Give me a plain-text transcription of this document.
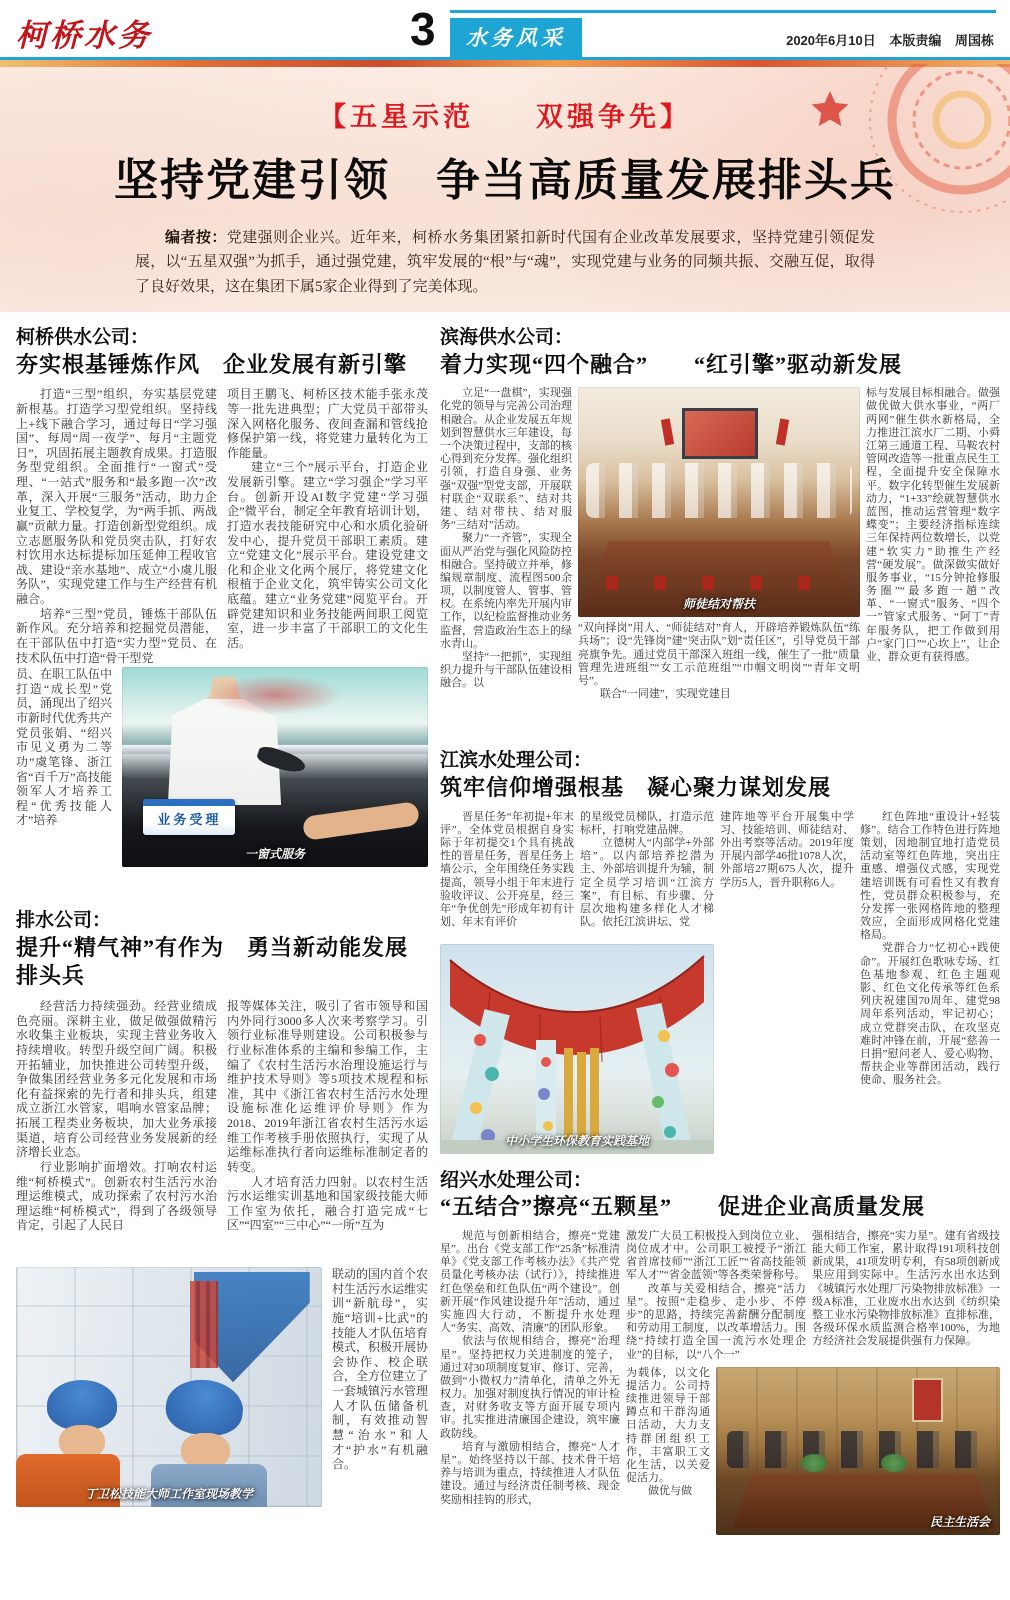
柯桥水务	3	水务风采	2020年6月10日 本版责编 周国栋
【五星示范　　双强争先】
坚持党建引领　争当高质量发展排头兵

编者按：党建强则企业兴。近年来，柯桥水务集团紧扣新时代国有企业改革发展要求，坚持党建引领促发展，以“五星双强”为抓手，通过强党建，筑牢发展的“根”与“魂”，实现党建与业务的同频共振、交融互促，取得了良好效果，这在集团下属5家企业得到了完美体现。

柯桥供水公司：
夯实根基锤炼作风　企业发展有新引擎

打造“三型”组织，夯实基层党建新根基。打造学习型党组织。坚持线上+线下融合学习，通过每日“学习强国”、每周“周一夜学”、每月“主题党日”，巩固拓展主题教育成果。打造服务型党组织。全面推行“一窗式”受理、“一站式”服务和“最多跑一次”改革，深入开展“三服务”活动，助力企业复工、学校复学，为“两手抓、两战赢”贡献力量。打造创新型党组织。成立志愿服务队和党员突击队，打好农村饮用水达标提标加压延伸工程收官战、建设“亲水基地”、成立“小虞儿服务队”，实现党建工作与生产经营有机融合。

培养“三型”党员，锤炼干部队伍新作风。充分培养和挖掘党员潜能，在干部队伍中打造“实力型”党员、在技术队伍中打造“骨干型党

项目王鹏飞、柯桥区技术能手张永茂等一批先进典型；广大党员干部带头深入网格化服务、夜间查漏和管线抢修保护第一线，将党建力量转化为工作能量。

建立“三个”展示平台，打造企业发展新引擎。建立“学习强企”学习平台。创新开设AI数字党建“学习强企”微平台，制定全年教育培训计划，打造水表技能研究中心和水质化验研发中心，提升党员干部职工素质。建立“党建文化”展示平台。建设党建文化和企业文化两个展厅，将党建文化根植于企业文化，筑牢铸实公司文化底蕴。建立“业务党建”阅览平台。开辟党建知识和业务技能两间职工阅览室，进一步丰富了干部职工的文化生活。

员、在职工队伍中打造“成长型”党员，涌现出了绍兴市新时代优秀共产党员张娟、“绍兴市见义勇为二等功”虞笔锋、浙江省“百千万”高技能领军人才培养工程“优秀技能人才”培养	业务受理
一窗式服务
排水公司：
提升“精气神”有作为　勇当新动能发展排头兵

经营活力持续强劲。经营业绩成色亮丽。深耕主业，做足做强做精污水收集主业板块，实现主营业务收入持续增收。转型升级空间广阔。积极开拓辅业，加快推进公司转型升级，争做集团经营业务多元化发展和市场化有益探索的先行者和排头兵，组建成立浙江水管家，唱响水管家品牌；拓展工程类业务板块，加大业务承接渠道，培育公司经营业务发展新的经济增长业态。

行业影响扩面增效。打响农村运维“柯桥模式”。创新农村生活污水治理运维模式，成功探索了农村污水治理运维“柯桥模式”，得到了各级领导肯定，引起了人民日

报等媒体关注，吸引了省市领导和国内外同行3000多人次来考察学习。引领行业标准导则建设。公司积极参与行业标准体系的主编和参编工作，主编了《农村生活污水治理设施运行与维护技术导则》等5项技术规程和标准，其中《浙江省农村生活污水处理设施标准化运维评价导则》作为2018、2019年浙江省农村生活污水运维工作考核手册依照执行，实现了从运维标准执行者向运维标准制定者的转变。

人才培育活力四射。以农村生活污水运维实训基地和国家级技能大师工作室为依托，融合打造完成“七区”“四室”“三中心”“一所”互为

丁卫松技能大师工作室现场教学

联动的国内首个农村生活污水运维实训“新航母”，实施“培训+比武”的技能人才队伍培育模式，积极开展协会协作、校企联合，全方位建立了一套城镇污水管理人才队伍储备机制，有效推动智慧“治水”和人才“护水”有机融合。

滨海供水公司：
着力实现“四个融合”　　“红引擎”驱动新发展

立足“一盘棋”，实现强化党的领导与完善公司治理相融合。从企业发展五年规划到智慧供水三年建设，每一个决策过程中，支部的核心得到充分发挥。强化组织引领，打造自身强、业务强“双强”型党支部，开展联村联企“双联系”、结对共建、结对带扶、结对服务“三结对”活动。

聚力“一齐管”，实现全面从严治党与强化风险防控相融合。坚持破立并举，修编规章制度、流程图500余项，以制度管人、管事、管权。在系统内率先开展内审工作，以纪检监督推动业务监督，营造政治生态上的绿水青山。

坚持“一把抓”，实现组织力提升与干部队伍建设相融合。以

师徒结对帮扶

“双向择岗”用人、“师徒结对”育人，开辟培养锻炼队伍“练兵场”；设“先锋岗”建“突击队”划“责任区”，引导党员干部亮旗争先。通过党员干部深入班组一线，催生了一批“质量管理先进班组”“女工示范班组”“巾帼文明岗”“青年文明号”。

联合“一同建”，实现党建目

标与发展目标相融合。做强做优做大供水事业，“两厂两网”催生供水新格局，全力推进江滨水厂二期、小舜江第三通道工程、马鞍农村管网改造等一批重点民生工程，全面提升安全保障水平。数字化转型催生发展新动力，“1+33”绘就智慧供水蓝图，推动运营管理“数字蝶变”；主要经济指标连续三年保持两位数增长，以党建“软实力”助推生产经营“硬发展”。做深做实做好服务事业，“15分钟抢修服务圈”“最多跑一趟”改革、“一窗式”服务、“四个一”管家式服务、“阿丁”青年服务队，把工作做到用户“家门口”“心坎上”，让企业、群众更有获得感。

江滨水处理公司：
筑牢信仰增强根基　凝心聚力谋划发展

晋星任务“年初提+年末评”。全体党员根据自身实际于年初提交1个具有挑战性的晋星任务，晋星任务上墙公示，全年围绕任务实践提高，领导小组于年末进行验收评议、公开亮星，经三年“争优创先”形成年初有计划、年末有评价

的星级党员梯队，打造示范标杆，打响党建品牌。

立德树人“内部学+外部培”。以内部培养挖潜为主、外部培训提升为辅，制定全员学习培训“江滨方案”，有目标、有步骤、分层次地构建多样化人才梯队。依托江滨讲坛、党

中小学生环保教育实践基地

建阵地等平台开展集中学习、技能培训、师徒结对、外出考察等活动。2019年度开展内部学46批1078人次，外部培27期675人次，提升学历5人，晋升职称6人。

红色阵地“重设计+轻装修”。结合工作特色进行阵地策划，因地制宜地打造党员活动室等红色阵地，突出庄重感、增强仪式感，实现党建培训既有可看性又有教育性，党员群众积极参与，充分发挥一张网格阵地的整理效应，全面形成网格化党建格局。

党群合力“忆初心+践使命”。开展红色歌咏专场、红色基地参观、红色主题观影、红色文化传承等红色系列庆祝建国70周年、建党98周年系列活动，牢记初心；成立党群突击队，在攻坚克难时冲锋在前，开展“慈善一日捐”慰问老人、爱心购物、帮扶企业等群团活动，践行使命、服务社会。

绍兴水处理公司：
“五结合”擦亮“五颗星”　　促进企业高质量发展

规范与创新相结合，擦亮“党建星”。出台《党支部工作“25条”标准清单》《党支部工作考核办法》《共产党员量化考核办法（试行）》，持续推进红色堡垒和红色队伍“两个建设”。创新开展“作风建设提升年”活动，通过实施四大行动，不断提升水处理人“务实、高效、清廉”的团队形象。

依法与依规相结合，擦亮“治理星”。坚持把权力关进制度的笼子，通过对30项制度复审、修订、完善，做到“小微权力”清单化，清单之外无权力。加强对制度执行情况的审计检查，对财务收支等方面开展专项内审。扎实推进清廉国企建设，筑牢廉政防线。

培育与激励相结合，擦亮“人才星”。始终坚持以干部、技术骨干培养与培训为重点，持续推进人才队伍建设。通过与经济责任制考核、现金奖励相挂钩的形式，

激发广大员工积极投入到岗位立业、岗位成才中。公司职工被授予“浙江省首席技师”“浙江工匠”“省高技能领军人才”“省金蓝领”等各类荣誉称号。

改革与关爱相结合，擦亮“活力星”。按照“走稳步、走小步、不停步”的思路，持续完善薪酬分配制度和劳动用工制度，以改革增活力。围绕“持续打造全国一流污水处理企业”的目标，以“八个一”

强相结合，擦亮“实力星”。建有省级技能大师工作室，累计取得191项科技创新成果，41项发明专利，有58项创新成果应用到实际中。生活污水出水达到《城镇污水处理厂污染物排放标准》一级A标准，工业废水出水达到《纺织染整工业水污染物排放标准》直排标准，各级环保水质监测合格率100%，为地方经济社会发展提供强有力保障。

为载体，以文化提活力。公司持续推进领导干部蹲点和干群沟通日活动，大力支持群团组织工作，丰富职工文化生活，以关爱促活力。

做优与做

民主生活会
